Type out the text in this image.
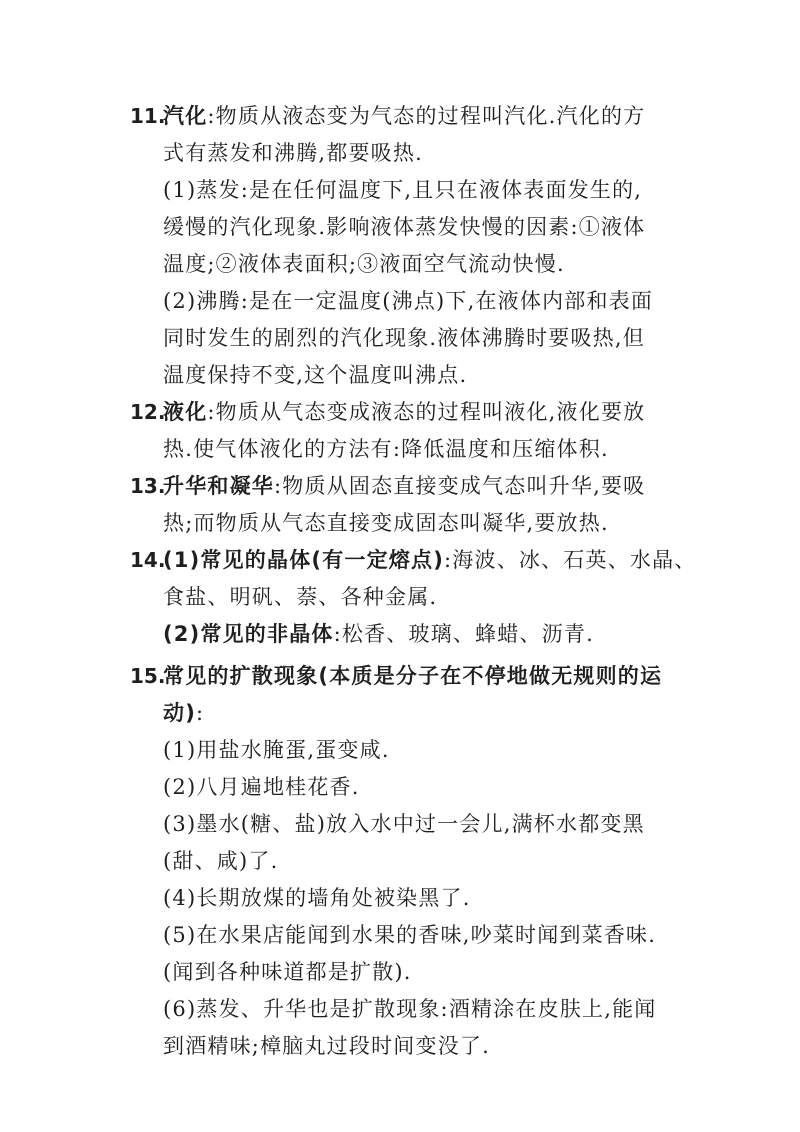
11.
汽化:物质从液态变为气态的过程叫汽化.汽化的方
式有蒸发和沸腾,都要吸热.
(1)蒸发:是在任何温度下,且只在液体表面发生的,
缓慢的汽化现象.影响液体蒸发快慢的因素:①液体
温度;②液体表面积;③液面空气流动快慢.
(2)沸腾:是在一定温度(沸点)下,在液体内部和表面
同时发生的剧烈的汽化现象.液体沸腾时要吸热,但
温度保持不变,这个温度叫沸点.
12.
液化:物质从气态变成液态的过程叫液化,液化要放
热.使气体液化的方法有:降低温度和压缩体积.
13.
升华和凝华:物质从固态直接变成气态叫升华,要吸
热;而物质从气态直接变成固态叫凝华,要放热.
14.
(1)常见的晶体(有一定熔点):海波、冰、石英、水晶、
食盐、明矾、萘、各种金属.
(2)常见的非晶体:松香、玻璃、蜂蜡、沥青.
15.
常见的扩散现象(本质是分子在不停地做无规则的运
动):
(1)用盐水腌蛋,蛋变咸.
(2)八月遍地桂花香.
(3)墨水(糖、盐)放入水中过一会儿,满杯水都变黑
(甜、咸)了.
(4)长期放煤的墙角处被染黑了.
(5)在水果店能闻到水果的香味,吵菜时闻到菜香味.
(闻到各种味道都是扩散).
(6)蒸发、升华也是扩散现象:酒精涂在皮肤上,能闻
到酒精味;樟脑丸过段时间变没了.
